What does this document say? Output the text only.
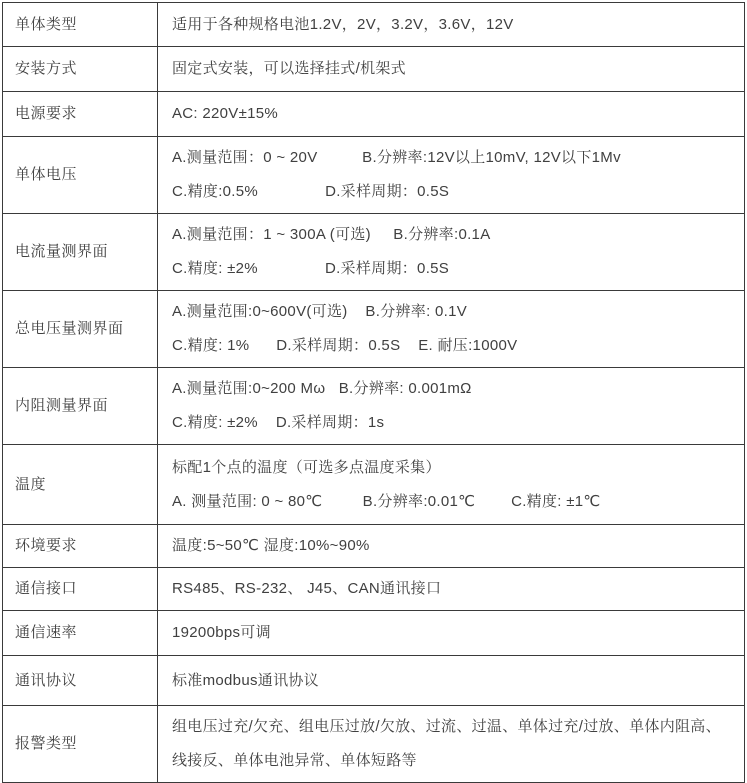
单体类型	适用于各种规格电池1.2V，2V，3.2V，3.6V，12V

安装方式	固定式安装，可以选择挂式/机架式

电源要求	AC: 220V±15%

单体电压	A.测量范围：0 ~ 20V          B.分辨率:12V以上10mV, 12V以下1Mv
C.精度:0.5%               D.采样周期：0.5S

电流量测界面	A.测量范围：1 ~ 300A (可选)     B.分辨率:0.1A
C.精度: ±2%               D.采样周期：0.5S

总电压量测界面	A.测量范围:0~600V(可选)    B.分辨率: 0.1V
C.精度: 1%      D.采样周期：0.5S    E. 耐压:1000V

内阻测量界面	A.测量范围:0~200 Mω   B.分辨率: 0.001mΩ
C.精度: ±2%    D.采样周期：1s

温度	标配1个点的温度（可选多点温度采集）
A. 测量范围: 0 ~ 80℃         B.分辨率:0.01℃        C.精度: ±1℃

环境要求	温度:5~50℃ 湿度:10%~90%

通信接口	RS485、RS-232、 J45、CAN通讯接口

通信速率	19200bps可调

通讯协议	标准modbus通讯协议

报警类型	组电压过充/欠充、组电压过放/欠放、过流、过温、单体过充/过放、单体内阻高、线接反、单体电池异常、单体短路等
